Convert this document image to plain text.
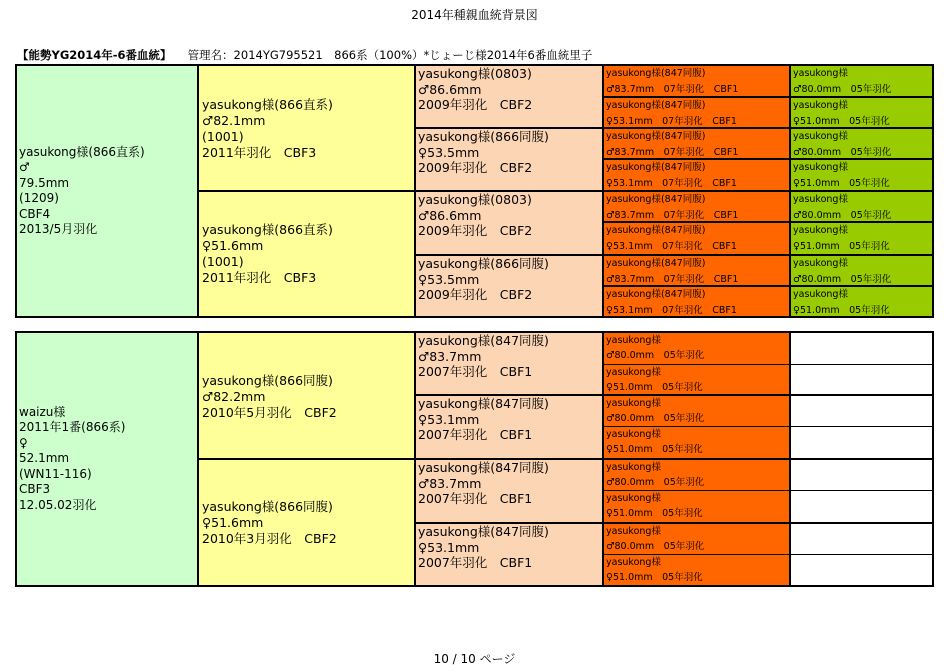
2014年種親血統背景図
【能勢YG2014年-6番血統】 管理名：2014YG795521　866系（100%）*じょーじ様2014年6番血統里子
yasukong様(866直系)
♂
79.5mm
(1209)
CBF4
2013/5月羽化
yasukong様(866直系)
♂82.1mm
(1001)
2011年羽化　CBF3
yasukong様(866直系)
♀51.6mm
(1001)
2011年羽化　CBF3
yasukong様(0803)
♂86.6mm
2009年羽化　CBF2
yasukong様(866同腹)
♀53.5mm
2009年羽化　CBF2
yasukong様(0803)
♂86.6mm
2009年羽化　CBF2
yasukong様(866同腹)
♀53.5mm
2009年羽化　CBF2
yasukong様(847同腹)
♂83.7mm　07年羽化　CBF1
yasukong様(847同腹)
♀53.1mm　07年羽化　CBF1
yasukong様(847同腹)
♂83.7mm　07年羽化　CBF1
yasukong様(847同腹)
♀53.1mm　07年羽化　CBF1
yasukong様(847同腹)
♂83.7mm　07年羽化　CBF1
yasukong様(847同腹)
♀53.1mm　07年羽化　CBF1
yasukong様(847同腹)
♂83.7mm　07年羽化　CBF1
yasukong様(847同腹)
♀53.1mm　07年羽化　CBF1
yasukong様
♂80.0mm　05年羽化
yasukong様
♀51.0mm　05年羽化
yasukong様
♂80.0mm　05年羽化
yasukong様
♀51.0mm　05年羽化
yasukong様
♂80.0mm　05年羽化
yasukong様
♀51.0mm　05年羽化
yasukong様
♂80.0mm　05年羽化
yasukong様
♀51.0mm　05年羽化
waizu様
2011年1番(866系)
♀
52.1mm
(WN11-116)
CBF3
12.05.02羽化
yasukong様(866同腹)
♂82.2mm
2010年5月羽化　CBF2
yasukong様(866同腹)
♀51.6mm
2010年3月羽化　CBF2
yasukong様(847同腹)
♂83.7mm
2007年羽化　CBF1
yasukong様(847同腹)
♀53.1mm
2007年羽化　CBF1
yasukong様(847同腹)
♂83.7mm
2007年羽化　CBF1
yasukong様(847同腹)
♀53.1mm
2007年羽化　CBF1
yasukong様
♂80.0mm　05年羽化
yasukong様
♀51.0mm　05年羽化
yasukong様
♂80.0mm　05年羽化
yasukong様
♀51.0mm　05年羽化
yasukong様
♂80.0mm　05年羽化
yasukong様
♀51.0mm　05年羽化
yasukong様
♂80.0mm　05年羽化
yasukong様
♀51.0mm　05年羽化
10 / 10 ページ
